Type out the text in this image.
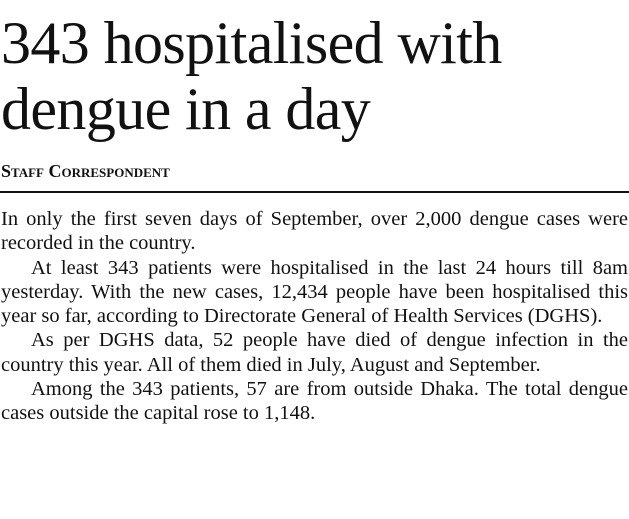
343 hospitalised with
dengue in a day
Staff Correspondent

In only the first seven days of September, over 2,000 dengue cases were recorded in the country.

At least 343 patients were hospitalised in the last 24 hours till 8am yesterday. With the new cases, 12,434 people have been hospitalised this year so far, according to Directorate General of Health Services (DGHS).

As per DGHS data, 52 people have died of dengue infection in the country this year. All of them died in July, August and September.

Among the 343 patients, 57 are from outside Dhaka. The total dengue cases outside the capital rose to 1,148.
